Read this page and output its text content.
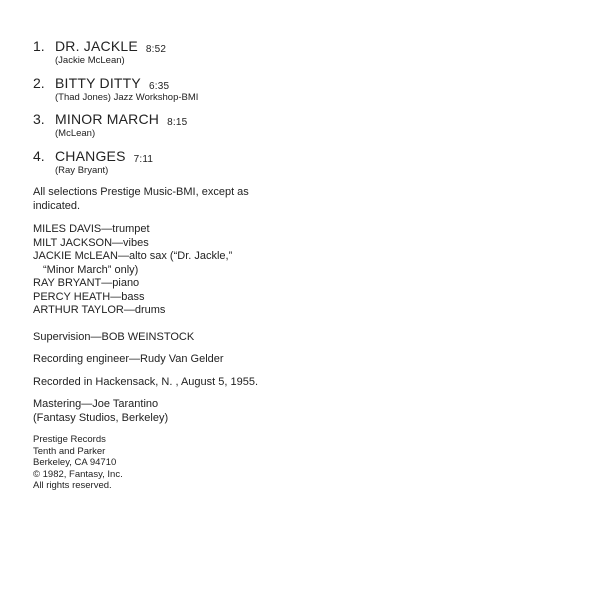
1. DR. JACKLE 8:52
(Jackie McLean)
2. BITTY DITTY 6:35
(Thad Jones) Jazz Workshop-BMI
3. MINOR MARCH 8:15
(McLean)
4. CHANGES 7:11
(Ray Bryant)
All selections Prestige Music-BMI, except as
indicated.
MILES DAVIS—trumpet
MILT JACKSON—vibes
JACKIE McLEAN—alto sax (“Dr. Jackle,”
“Minor March” only)
RAY BRYANT—piano
PERCY HEATH—bass
ARTHUR TAYLOR—drums
Supervision—BOB WEINSTOCK
Recording engineer—Rudy Van Gelder
Recorded in Hackensack, N. , August 5, 1955.
Mastering—Joe Tarantino
(Fantasy Studios, Berkeley)
Prestige Records
Tenth and Parker
Berkeley, CA 94710
© 1982, Fantasy, Inc.
All rights reserved.
